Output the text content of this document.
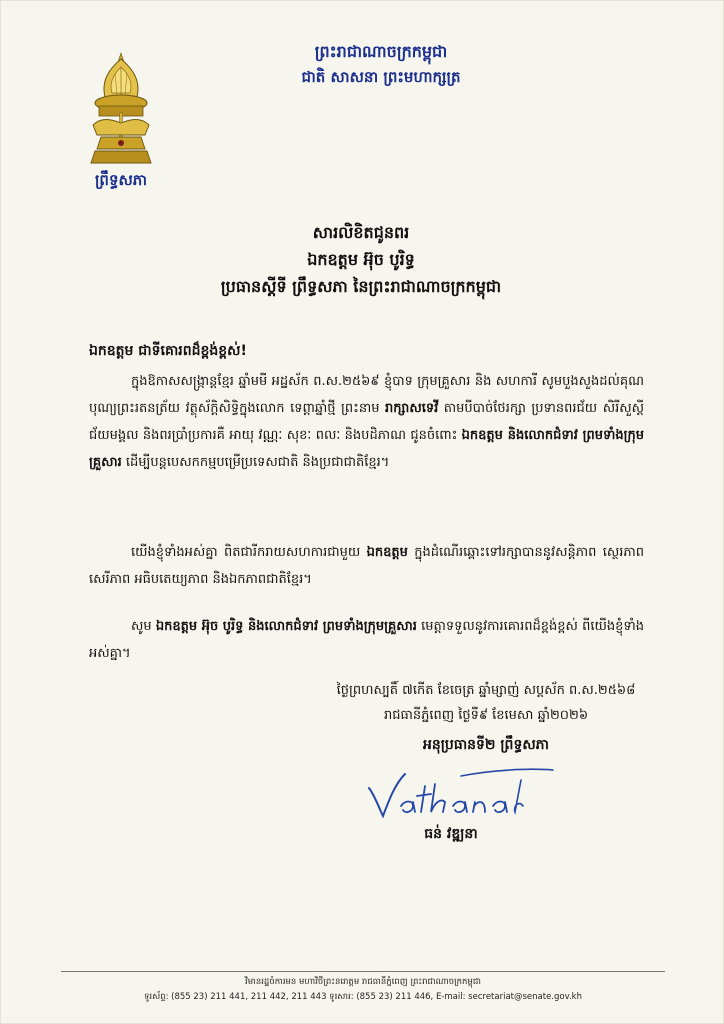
ព្រឹទ្ធសភា
ព្រះរាជាណាចក្រកម្ពុជា
ជាតិ សាសនា ព្រះមហាក្សត្រ
សារលិខិតជូនពរ
ឯកឧត្តម អ៊ុច បូរិទ្ធ
ប្រធានស្តីទី ព្រឹទ្ធសភា នៃព្រះរាជាណាចក្រកម្ពុជា
ឯកឧត្តម ជាទីគោរពដ៏ខ្ពង់ខ្ពស់!

ក្នុងឱកាសសង្រ្កាន្តខ្មែរ ឆ្នាំមមី អដ្ឋស័ក ព.ស.២៥៦៩ ខ្ញុំបាទ ក្រុមគ្រួសារ និង សហការី សូមបួងសួងដល់គុណបុណ្យព្រះរតនត្រ័យ វត្ថុស័ក្តិសិទ្ធិក្នុងលោក ទេព្តាឆ្នាំថ្មី ព្រះនាម រាក្សាសទេវី តាមបីបាច់ថែរក្សា ប្រទានពរជ័យ សិរីសួស្តី ជ័យមង្គល និងពរប្រាំប្រការគឺ អាយុ វណ្ណៈ សុខៈ ពលៈ និងបដិភាណ ជូនចំពោះ ឯកឧត្តម និងលោកជំទាវ ព្រមទាំងក្រុមគ្រួសារ ដើម្បីបន្តបេសកកម្មបម្រើប្រទេសជាតិ និងប្រជាជាតិខ្មែរ។

យើងខ្ញុំទាំងអស់គ្នា ពិតជារីករាយសហការជាមួយ ឯកឧត្តម ក្នុងដំណើរឆ្ពោះទៅរក្សាបាននូវសន្តិភាព ស្ថេរភាព សេរីភាព អធិបតេយ្យភាព និងឯកភាពជាតិខ្មែរ។

សូម ឯកឧត្តម អ៊ុច បូរិទ្ធ និងលោកជំទាវ ព្រមទាំងក្រុមគ្រួសារ មេត្តាទទួលនូវការគោរពដ៏ខ្ពង់ខ្ពស់ ពីយើងខ្ញុំទាំងអស់គ្នា។

ថ្ងៃព្រហស្បតិ៍ ៧កើត ខែចេត្រ ឆ្នាំម្សាញ់ សប្តស័ក ព.ស.២៥៦៨
រាជធានីភ្នំពេញ ថ្ងៃទី៩ ខែមេសា ឆ្នាំ២០២៦
អនុប្រធានទី២ ព្រឹទ្ធសភា
ធន់ វឌ្ឍនា
វិមានរដ្ឋចំការមន មហាវិថីព្រះនរោត្តម រាជធានីភ្នំពេញ ព្រះរាជាណាចក្រកម្ពុជា
ទូរស័ព្ទ: (855 23) 211 441, 211 442, 211 443 ទូរសារ: (855 23) 211 446, E-mail: secretariat@senate.gov.kh
